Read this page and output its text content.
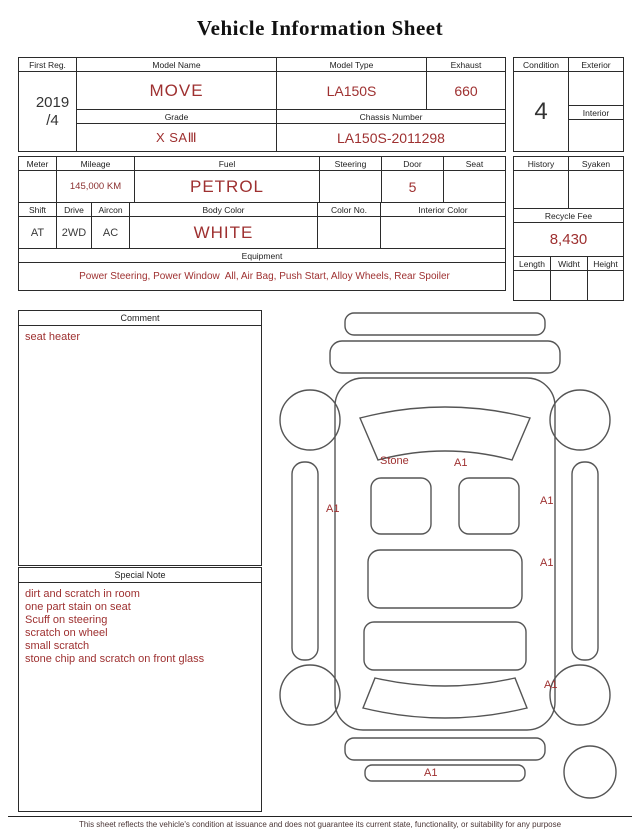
Vehicle Information Sheet
First Reg.	Model Name	Model Type	Exhaust

2019
/4	MOVE	LA150S	660
	Grade	Chassis Number	
	X SAⅢ	LA150S-2011298	
Condition	Exterior
4	
	Interior

Meter	Mileage	Fuel	Steering	Door	Seat
	145,000 KM	PETROL		5	
Shift	Drive	Aircon	Body Color	Color No.	Interior Color
AT	2WD	AC	WHITE		
Equipment
Power Steering, Power Window  All, Air Bag, Push Start, Alloy Wheels, Rear Spoiler
History	Syaken

Recycle Fee
8,430
Length	Widht	Height

Comment
seat heater
Special Note
dirt and scratch in room
one part stain on seat
Scuff on steering
scratch on wheel
small scratch
stone chip and scratch on front glass
Stone	A1
A1
A1
A1
A1
A1
This sheet reflects the vehicle's condition at issuance and does not guarantee its current state, functionality, or suitability for any purpose
